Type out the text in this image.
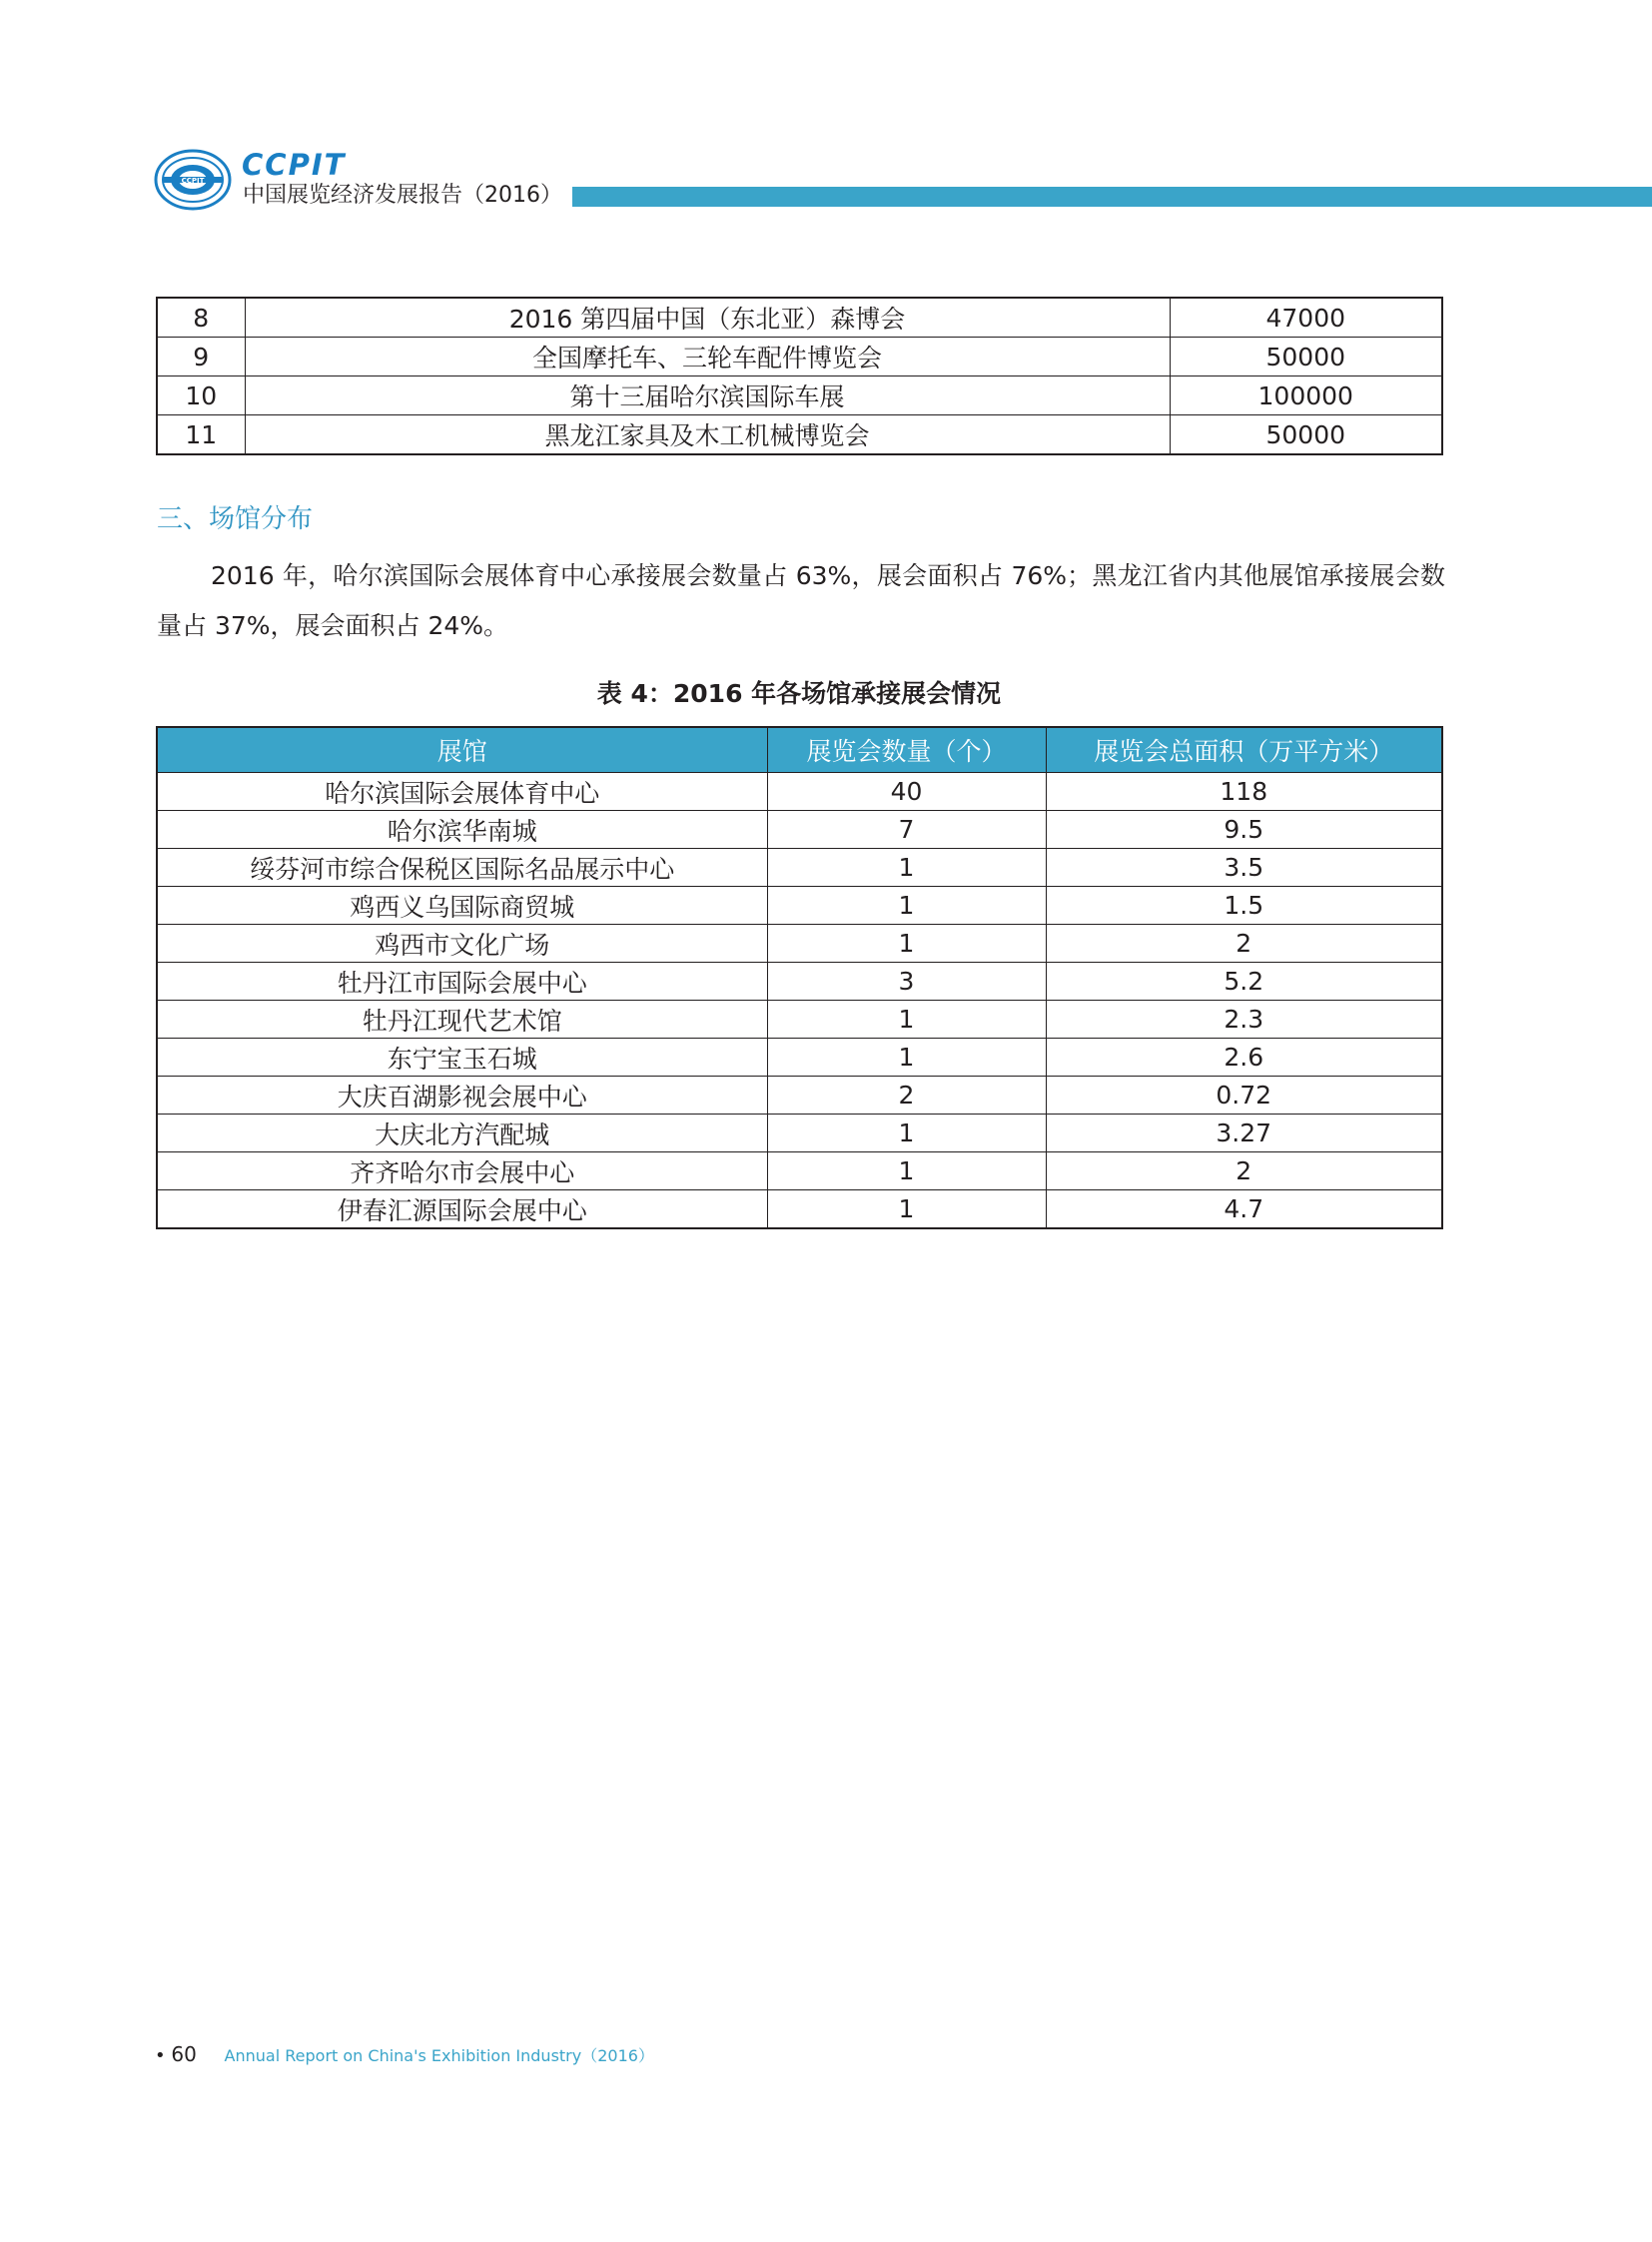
CCPIT CCPIT
中国展览经济发展报告（2016）
8	2016 第四届中国（东北亚）森博会	47000
9	全国摩托车、三轮车配件博览会	50000
10	第十三届哈尔滨国际车展	100000
11	黑龙江家具及木工机械博览会	50000
三、场馆分布
2016 年，哈尔滨国际会展体育中心承接展会数量占 63%，展会面积占 76%；黑龙江省内其他展馆承接展会数量占 37%，展会面积占 24%。
表 4：2016 年各场馆承接展会情况
展馆	展览会数量（个）	展览会总面积（万平方米）
哈尔滨国际会展体育中心	40	118
哈尔滨华南城	7	9.5
绥芬河市综合保税区国际名品展示中心	1	3.5
鸡西义乌国际商贸城	1	1.5
鸡西市文化广场	1	2
牡丹江市国际会展中心	3	5.2
牡丹江现代艺术馆	1	2.3
东宁宝玉石城	1	2.6
大庆百湖影视会展中心	2	0.72
大庆北方汽配城	1	3.27
齐齐哈尔市会展中心	1	2
伊春汇源国际会展中心	1	4.7
• 60 Annual Report on China's Exhibition Industry（2016）
